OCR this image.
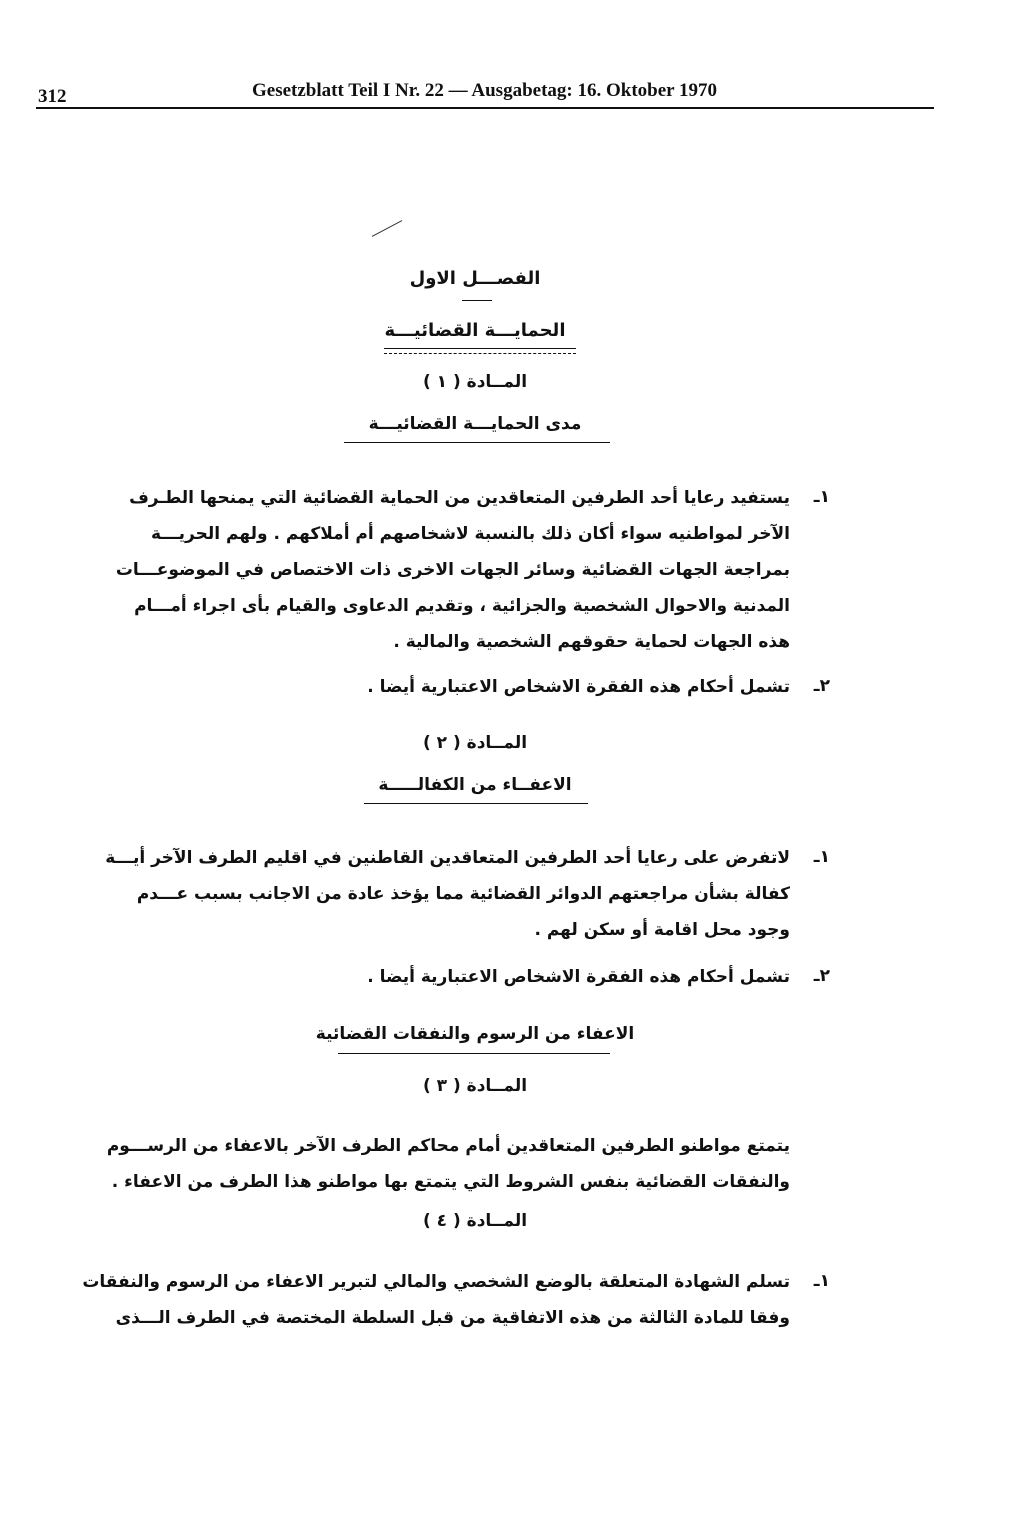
312	Gesetzblatt Teil I Nr. 22 — Ausgabetag: 16. Oktober 1970
الفصـــل الاول
الحمايـــة القضائيـــة
المــادة ( ١ )
مدى الحمايـــة القضائيـــة
١ـ
يستفيد رعايا أحد الطرفين المتعاقدين من الحماية القضائية التي يمنحها الطـرف
الآخر لمواطنيه سواء أكان ذلك بالنسبة لاشخاصهم أم أملاكهم . ولهم الحريـــة
بمراجعة الجهات القضائية وسائر الجهات الاخرى ذات الاختصاص في الموضوعـــات
المدنية والاحوال الشخصية والجزائية ، وتقديم الدعاوى والقيام بأى اجراء أمـــام
هذه الجهات لحماية حقوقهم الشخصية والمالية .
٢ـ
تشمل أحكام هذه الفقرة الاشخاص الاعتبارية أيضا .
المــادة ( ٢ )
الاعفــاء من الكفالـــــة
١ـ
لاتفرض على رعايا أحد الطرفين المتعاقدين القاطنين في اقليم الطرف الآخر أيـــة
كفالة بشأن مراجعتهم الدوائر القضائية مما يؤخذ عادة من الاجانب بسبب عـــدم
وجود محل اقامة أو سكن لهم .
٢ـ
تشمل أحكام هذه الفقرة الاشخاص الاعتبارية أيضا .
الاعفاء من الرسوم والنفقات القضائية
المــادة ( ٣ )
يتمتع مواطنو الطرفين المتعاقدين أمام محاكم الطرف الآخر بالاعفاء من الرســـوم
والنفقات القضائية بنفس الشروط التي يتمتع بها مواطنو هذا الطرف من الاعفاء .
المــادة ( ٤ )
١ـ
تسلم الشهادة المتعلقة بالوضع الشخصي والمالي لتبرير الاعفاء من الرسوم والنفقات
وفقا للمادة الثالثة من هذه الاتفاقية من قبل السلطة المختصة في الطرف الـــذى
